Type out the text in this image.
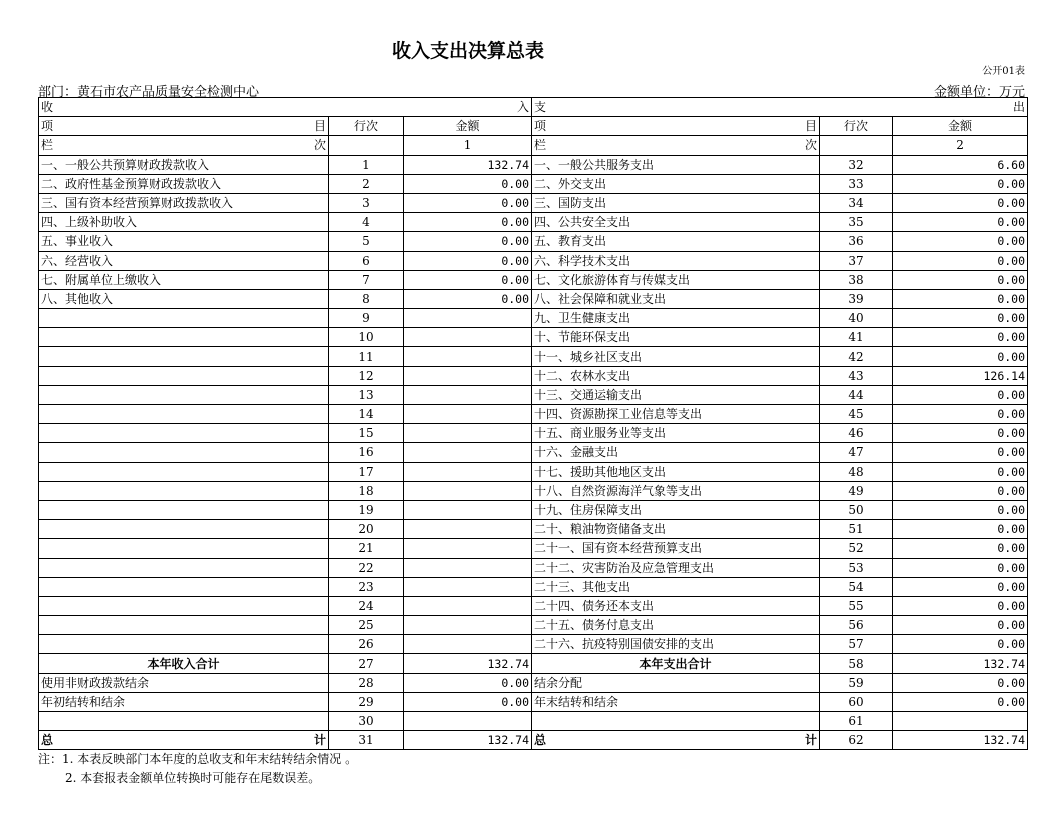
收入支出决算总表
公开01表
部门：黄石市农产品质量安全检测中心	金额单位：万元
收 入			支 出		

项 目	行次	金额	项 目	行次	金额

栏 次		1	栏 次		2
一、一般公共预算财政拨款收入	1	132.74	一、一般公共服务支出	32	6.60
二、政府性基金预算财政拨款收入	2	0.00	二、外交支出	33	0.00
三、国有资本经营预算财政拨款收入	3	0.00	三、国防支出	34	0.00
四、上级补助收入	4	0.00	四、公共安全支出	35	0.00
五、事业收入	5	0.00	五、教育支出	36	0.00
六、经营收入	6	0.00	六、科学技术支出	37	0.00
七、附属单位上缴收入	7	0.00	七、文化旅游体育与传媒支出	38	0.00
八、其他收入	8	0.00	八、社会保障和就业支出	39	0.00
	9		九、卫生健康支出	40	0.00
	10		十、节能环保支出	41	0.00
	11		十一、城乡社区支出	42	0.00
	12		十二、农林水支出	43	126.14
	13		十三、交通运输支出	44	0.00
	14		十四、资源勘探工业信息等支出	45	0.00
	15		十五、商业服务业等支出	46	0.00
	16		十六、金融支出	47	0.00
	17		十七、援助其他地区支出	48	0.00
	18		十八、自然资源海洋气象等支出	49	0.00
	19		十九、住房保障支出	50	0.00
	20		二十、粮油物资储备支出	51	0.00
	21		二十一、国有资本经营预算支出	52	0.00
	22		二十二、灾害防治及应急管理支出	53	0.00
	23		二十三、其他支出	54	0.00
	24		二十四、债务还本支出	55	0.00
	25		二十五、债务付息支出	56	0.00
	26		二十六、抗疫特别国债安排的支出	57	0.00
本年收入合计	27	132.74	本年支出合计	58	132.74
使用非财政拨款结余	28	0.00	结余分配	59	0.00
年初结转和结余	29	0.00	年末结转和结余	60	0.00
	30			61	

总 计	31	132.74	总 计	62	132.74
注：1. 本表反映部门本年度的总收支和年末结转结余情况 。
2. 本套报表金额单位转换时可能存在尾数误差。
